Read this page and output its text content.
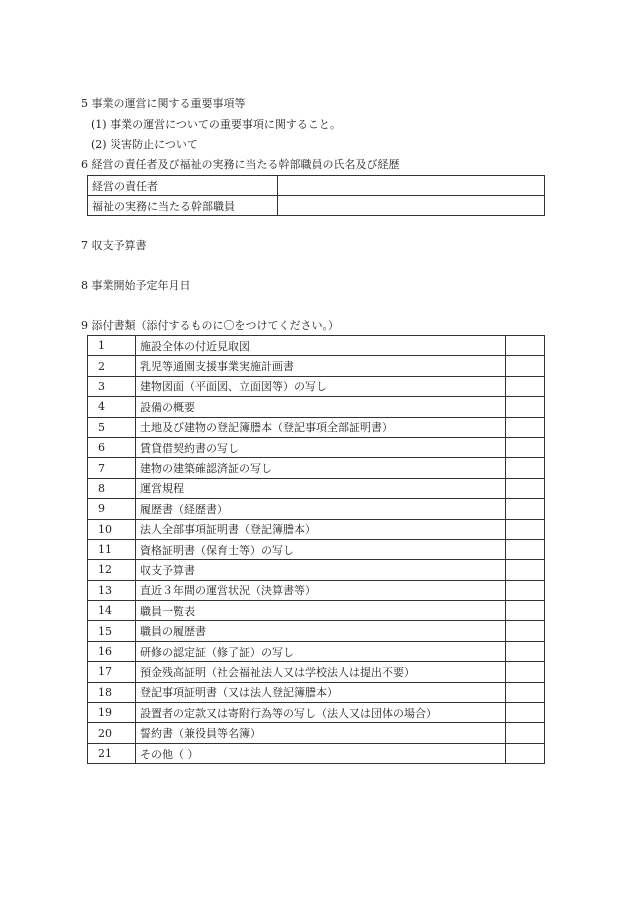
5 事業の運営に関する重要事項等
(1) 事業の運営についての重要事項に関すること。
(2) 災害防止について
6 経営の責任者及び福祉の実務に当たる幹部職員の氏名及び経歴
経営の責任者	
福祉の実務に当たる幹部職員	
7 収支予算書
8 事業開始予定年月日
9 添付書類（添付するものに〇をつけてください。）
1	施設全体の付近見取図	
2	乳児等通園支援事業実施計画書	
3	建物図面（平面図、立面図等）の写し	
4	設備の概要	
5	土地及び建物の登記簿謄本（登記事項全部証明書）	
6	賃貸借契約書の写し	
7	建物の建築確認済証の写し	
8	運営規程	
9	履歴書（経歴書）	
10	法人全部事項証明書（登記簿謄本）	
11	資格証明書（保育士等）の写し	
12	収支予算書	
13	直近３年間の運営状況（決算書等）	
14	職員一覧表	
15	職員の履歴書	
16	研修の認定証（修了証）の写し	
17	預金残高証明（社会福祉法人又は学校法人は提出不要）	
18	登記事項証明書（又は法人登記簿謄本）	
19	設置者の定款又は寄附行為等の写し（法人又は団体の場合）	
20	誓約書（兼役員等名簿）	
21	その他（ ）	
